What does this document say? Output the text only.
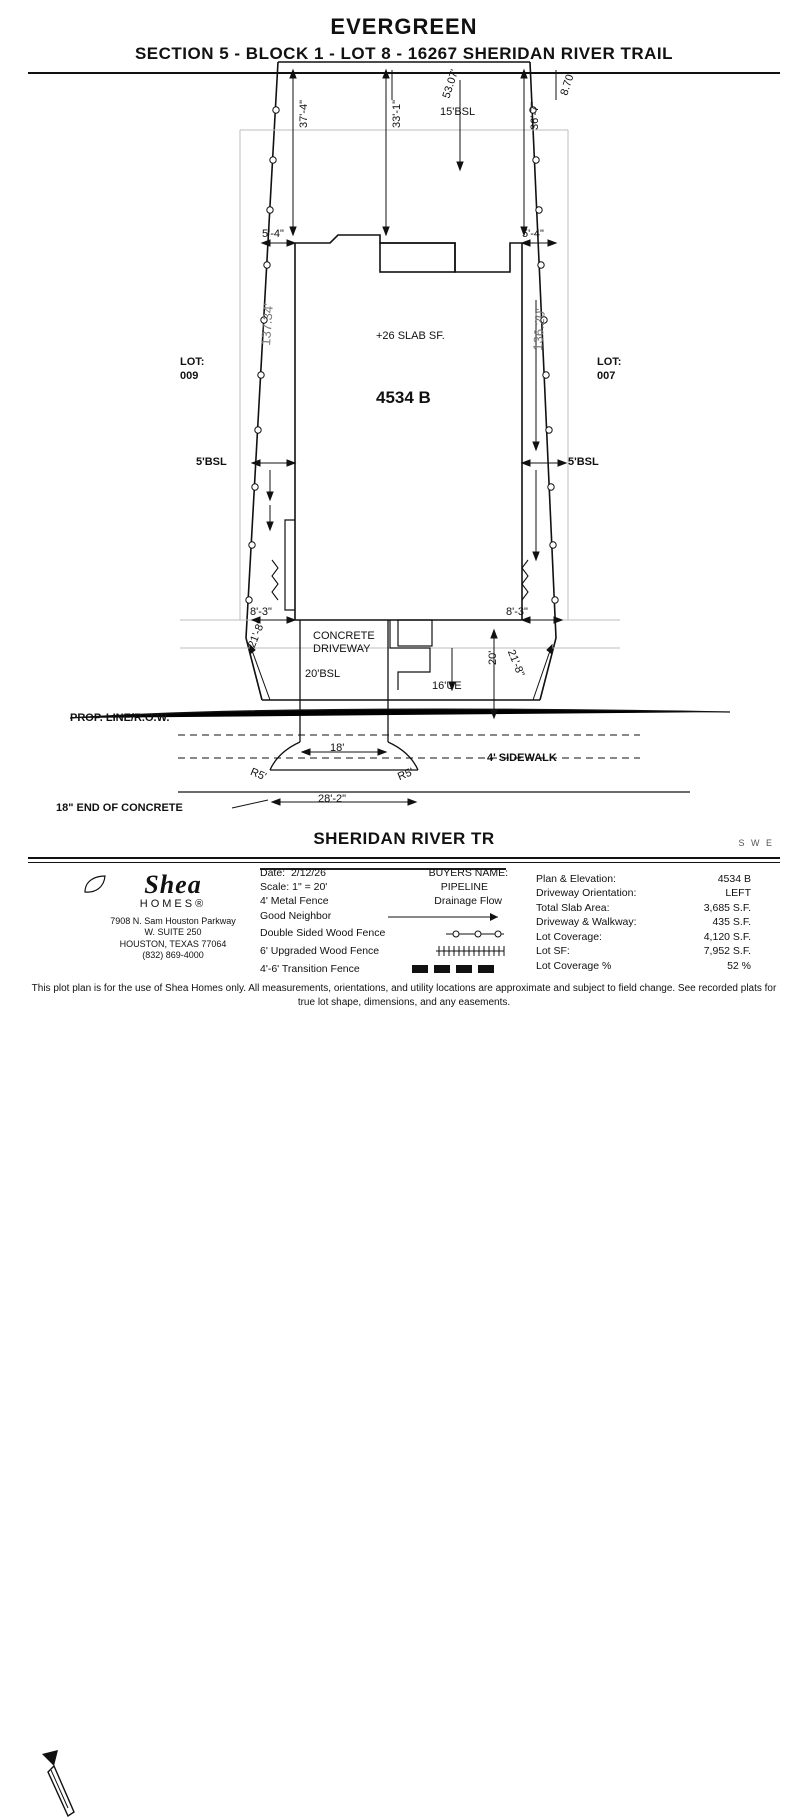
EVERGREEN
SECTION 5 - BLOCK 1 - LOT 8 - 16267 SHERIDAN RIVER TRAIL
53.07'	8.70'
15'BSL
37'-4"	33'-1"	36'-7"
5'-4"	5'-4"
137.34'	136.20'
LOT:
009
LOT:
007
+26 SLAB SF.
4534 B
5'BSL	5'BSL
8'-3"	8'-3"
21'-8"
21'-8"
CONCRETE
DRIVEWAY
20'BSL
16'UE
20'
PROP. LINE/R.O.W.
4' SIDEWALK
18'
28'-2"
R5'	R5'
18" END OF CONCRETE
SHERIDAN RIVER TR	S W E
Shea
HOMES®
7908 N. Sam Houston Parkway
W. SUITE 250
HOUSTON, TEXAS 77064
(832) 869-4000
Date: 2/12/26	BUYERS NAME:
Scale: 1" = 20'	PIPELINE
4' Metal Fence	Drainage Flow
Good Neighbor
Double Sided Wood Fence
6' Upgraded Wood Fence
4'-6' Transition Fence
Plan & Elevation:	4534 B
Driveway Orientation:	LEFT
Total Slab Area:	3,685 S.F.
Driveway & Walkway:	435 S.F.
Lot Coverage:	4,120 S.F.
Lot SF:	7,952 S.F.
Lot Coverage %	52 %
This plot plan is for the use of Shea Homes only. All measurements, orientations, and utility locations are approximate and subject to field change. See recorded plats for true lot shape, dimensions, and any easements.
